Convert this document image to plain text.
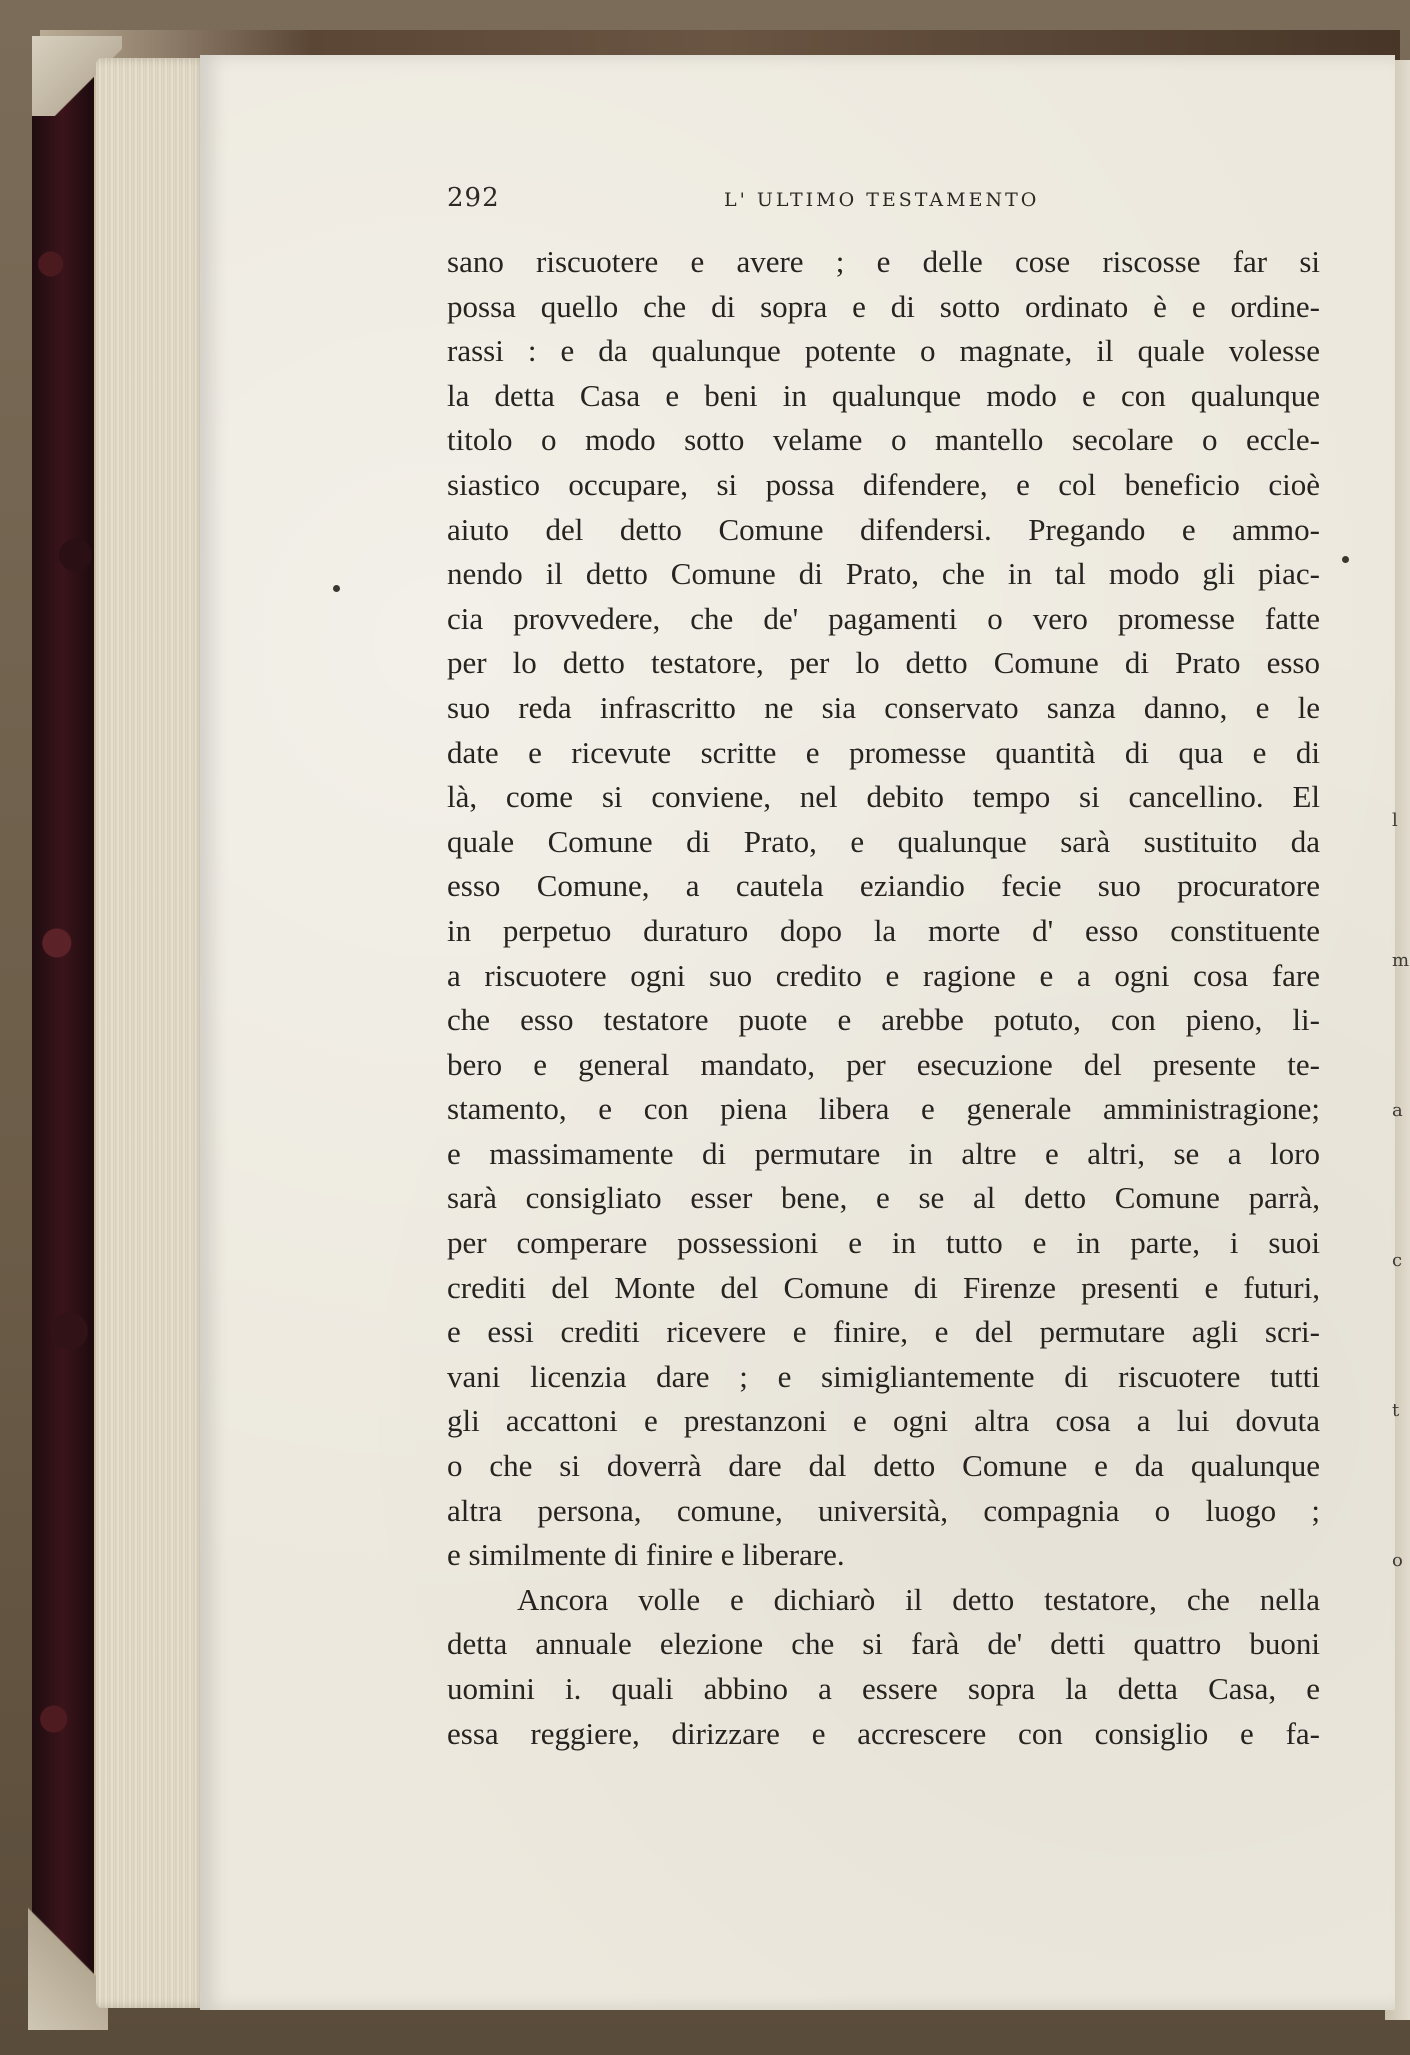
292	L' ULTIMO TESTAMENTO
sano riscuotere e avere ; e delle cose riscosse far si
possa quello che di sopra e di sotto ordinato è e ordine-
rassi : e da qualunque potente o magnate, il quale volesse
la detta Casa e beni in qualunque modo e con qualunque
titolo o modo sotto velame o mantello secolare o eccle-
siastico occupare, si possa difendere, e col beneficio cioè
aiuto del detto Comune difendersi. Pregando e ammo-
nendo il detto Comune di Prato, che in tal modo gli piac-
cia provvedere, che de' pagamenti o vero promesse fatte
per lo detto testatore, per lo detto Comune di Prato esso
suo reda infrascritto ne sia conservato sanza danno, e le
date e ricevute scritte e promesse quantità di qua e di
là, come si conviene, nel debito tempo si cancellino. El
quale Comune di Prato, e qualunque sarà sustituito da
esso Comune, a cautela eziandio fecie suo procuratore
in perpetuo duraturo dopo la morte d' esso constituente
a riscuotere ogni suo credito e ragione e a ogni cosa fare
che esso testatore puote e arebbe potuto, con pieno, li-
bero e general mandato, per esecuzione del presente te-
stamento, e con piena libera e generale amministragione;
e massimamente di permutare in altre e altri, se a loro
sarà consigliato esser bene, e se al detto Comune parrà,
per comperare possessioni e in tutto e in parte, i suoi
crediti del Monte del Comune di Firenze presenti e futuri,
e essi crediti ricevere e finire, e del permutare agli scri-
vani licenzia dare ; e simigliantemente di riscuotere tutti
gli accattoni e prestanzoni e ogni altra cosa a lui dovuta
o che si doverrà dare dal detto Comune e da qualunque
altra persona, comune, università, compagnia o luogo ;
e similmente di finire e liberare.
Ancora volle e dichiarò il detto testatore, che nella
detta annuale elezione che si farà de' detti quattro buoni
uomini i. quali abbino a essere sopra la detta Casa, e
essa reggiere, dirizzare e accrescere con consiglio e fa-
l
m
a
c
t
o
